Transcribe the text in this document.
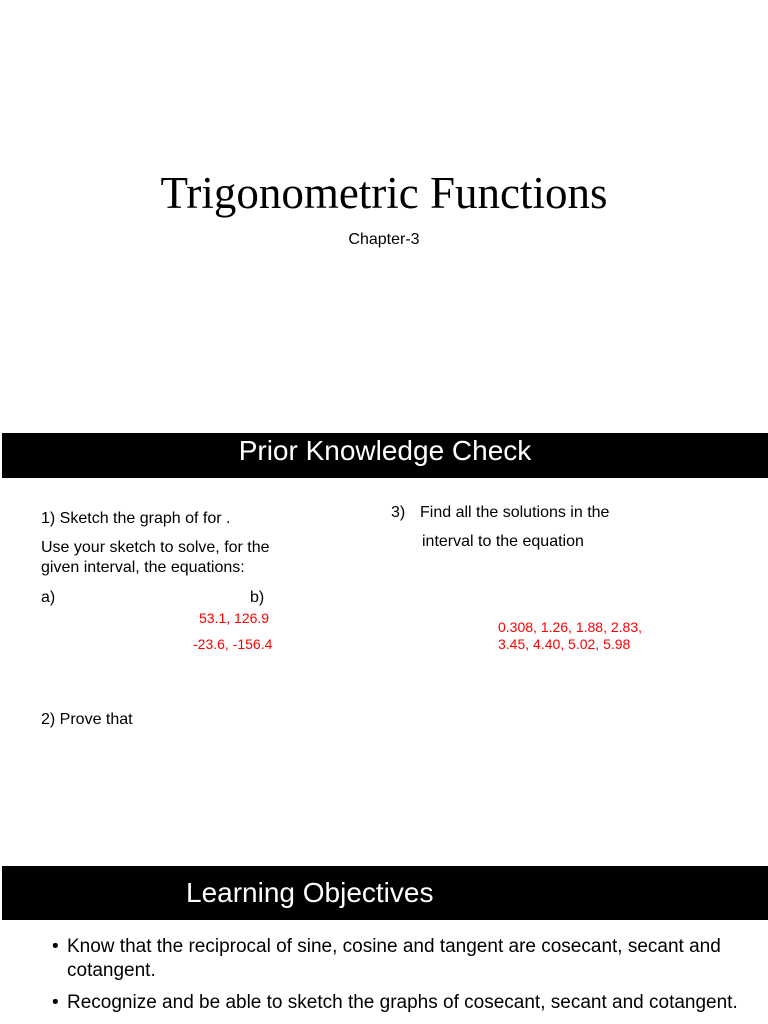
Trigonometric Functions
Chapter-3
Prior Knowledge Check
1) Sketch the graph of for .
Use your sketch to solve, for the
given interval, the equations:
a)	b)
53.1, 126.9
-23.6, -156.4
2) Prove that
3) Find all the solutions in the
interval to the equation
0.308, 1.26, 1.88, 2.83,
3.45, 4.40, 5.02, 5.98
Learning Objectives
• Know that the reciprocal of sine, cosine and tangent are cosecant, secant and cotangent.
• Recognize and be able to sketch the graphs of cosecant, secant and cotangent.
